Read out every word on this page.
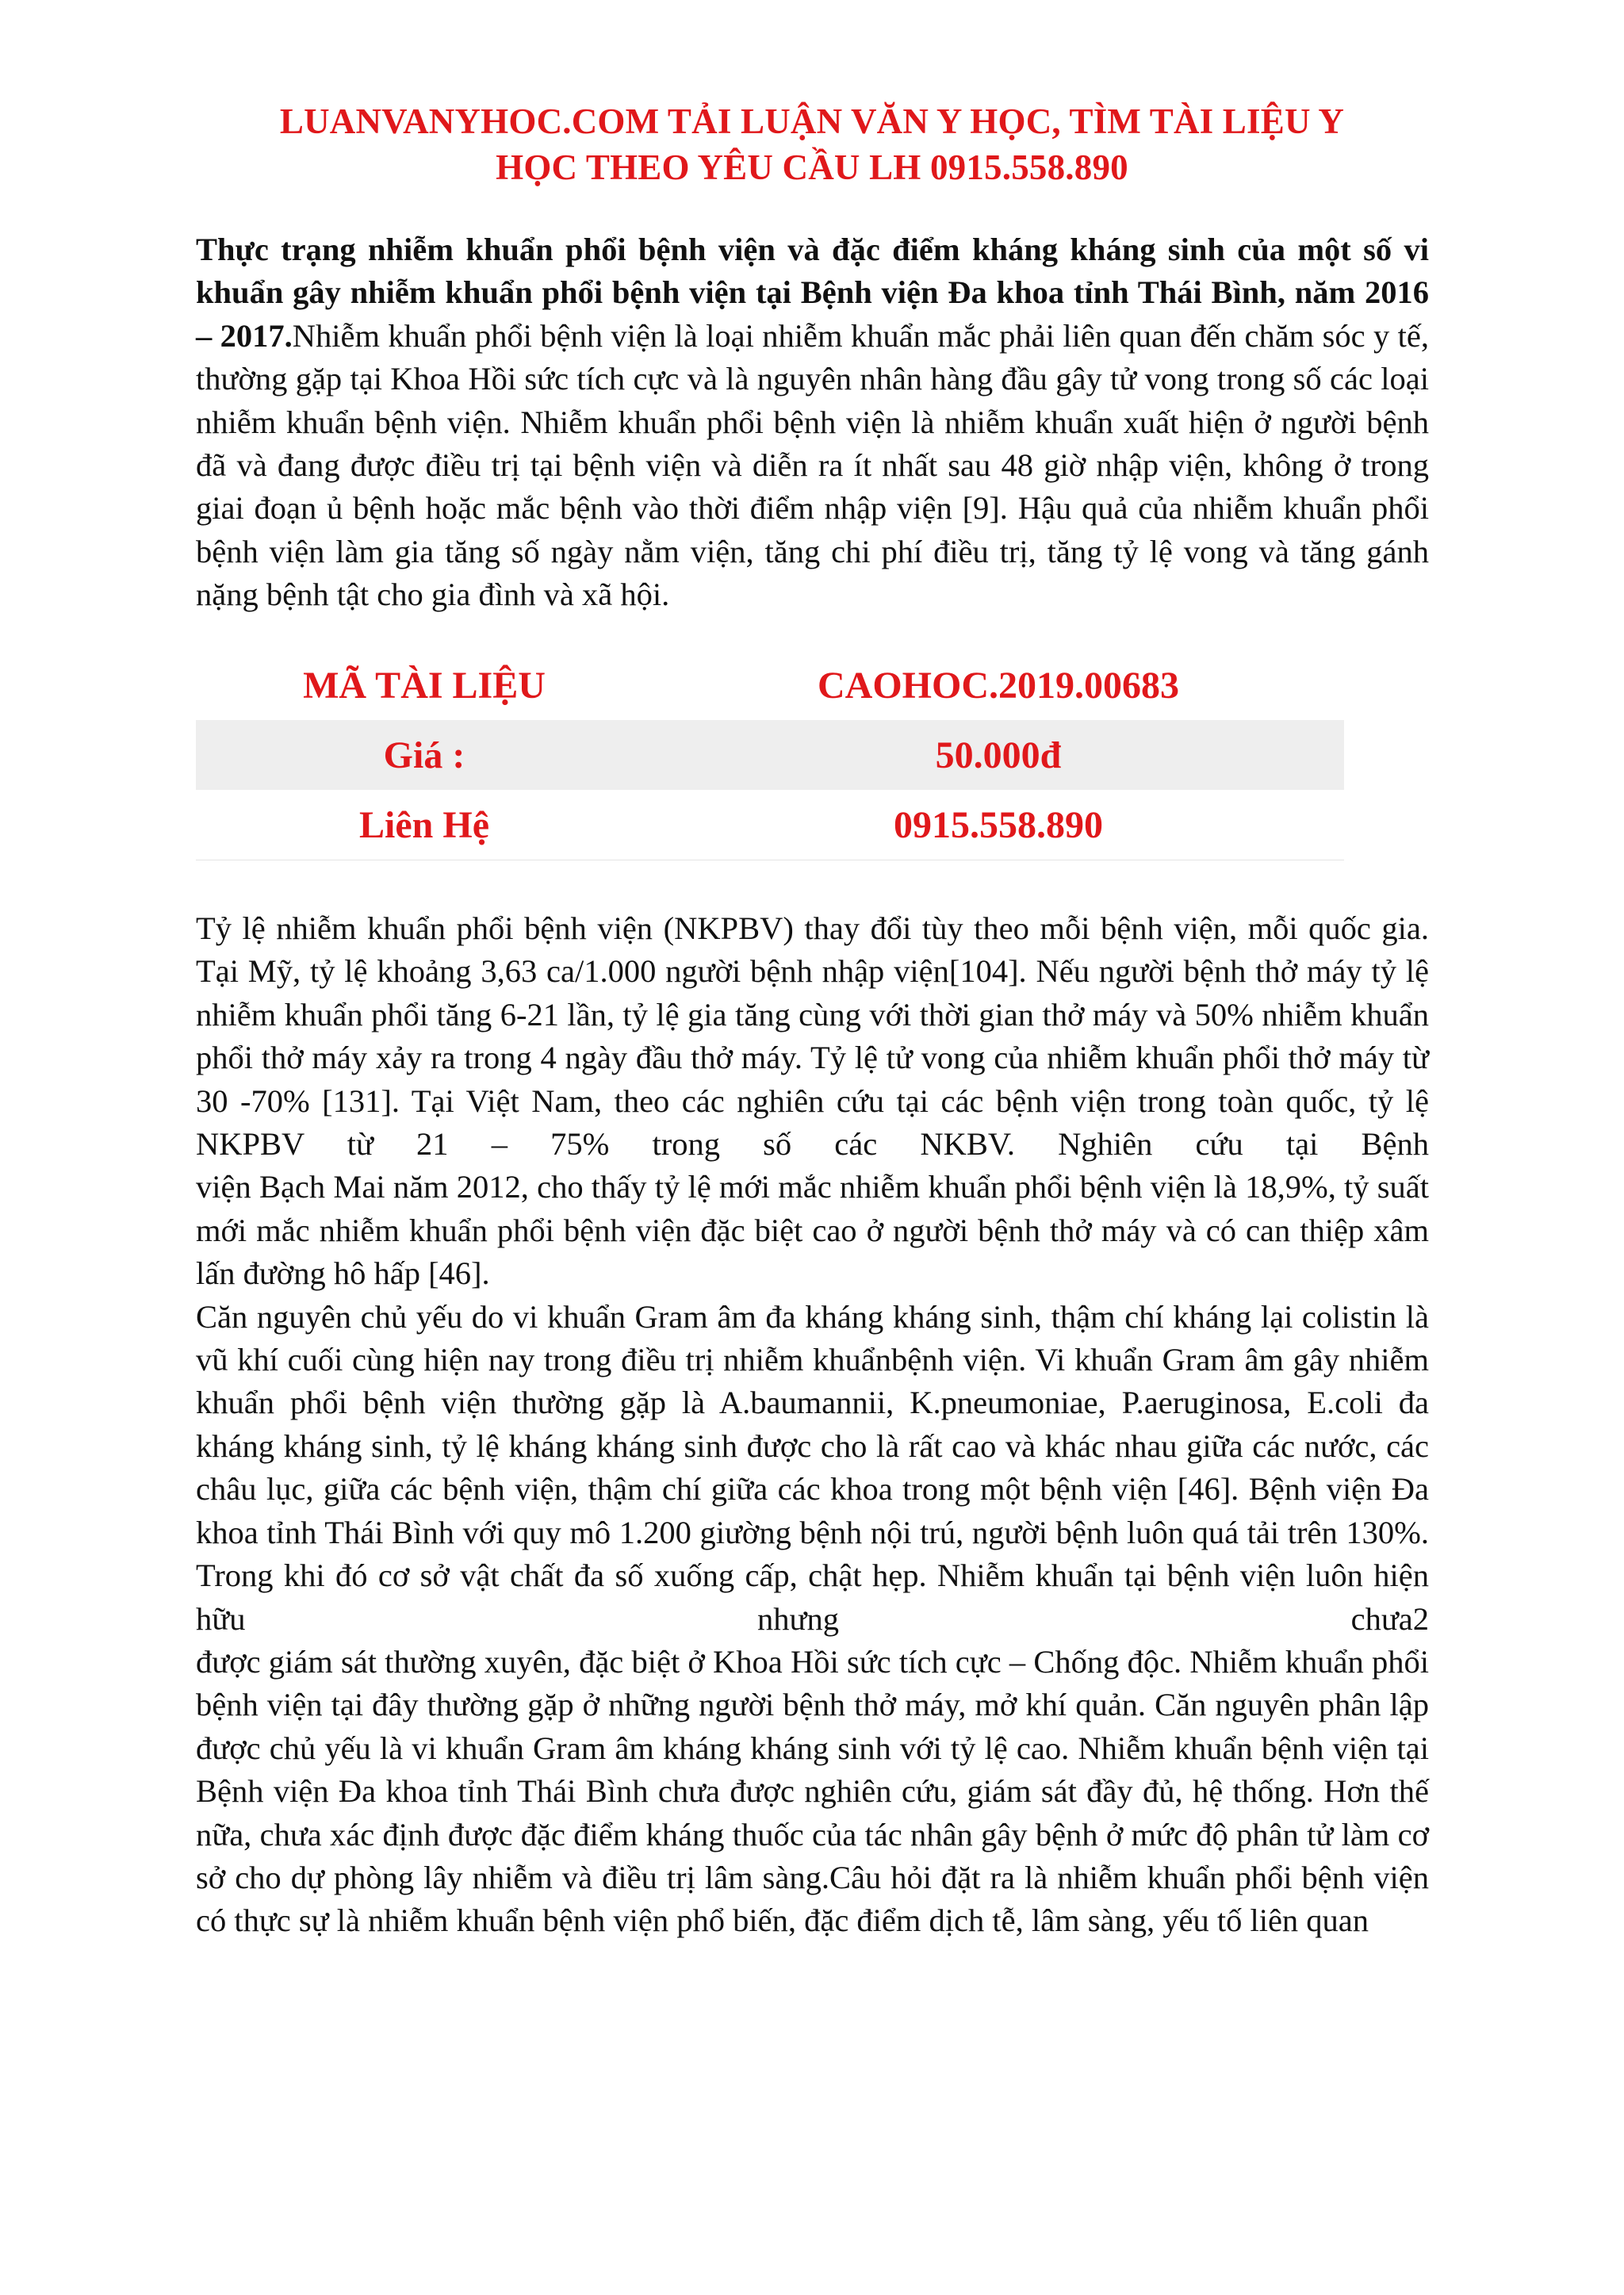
LUANVANYHOC.COM TẢI LUẬN VĂN Y HỌC, TÌM TÀI LIỆU Y
HỌC THEO YÊU CẦU LH 0915.558.890
Thực trạng nhiễm khuẩn phổi bệnh viện và đặc điểm kháng kháng sinh của một số vi khuẩn gây nhiễm khuẩn phổi bệnh viện tại Bệnh viện Đa khoa tỉnh Thái Bình, năm 2016 – 2017.Nhiễm khuẩn phổi bệnh viện là loại nhiễm khuẩn mắc phải liên quan đến chăm sóc y tế, thường gặp tại Khoa Hồi sức tích cực và là nguyên nhân hàng đầu gây tử vong trong số các loại nhiễm khuẩn bệnh viện. Nhiễm khuẩn phổi bệnh viện là nhiễm khuẩn xuất hiện ở người bệnh đã và đang được điều trị tại bệnh viện và diễn ra ít nhất sau 48 giờ nhập viện, không ở trong giai đoạn ủ bệnh hoặc mắc bệnh vào thời điểm nhập viện [9]. Hậu quả của nhiễm khuẩn phổi bệnh viện làm gia tăng số ngày nằm viện, tăng chi phí điều trị, tăng tỷ lệ vong và tăng gánh nặng bệnh tật cho gia đình và xã hội.
MÃ TÀI LIỆU	CAOHOC.2019.00683
Giá :	50.000đ
Liên Hệ	0915.558.890
Tỷ lệ nhiễm khuẩn phổi bệnh viện (NKPBV) thay đổi tùy theo mỗi bệnh viện, mỗi quốc gia. Tại Mỹ, tỷ lệ khoảng 3,63 ca/1.000 người bệnh nhập viện[104]. Nếu người bệnh thở máy tỷ lệ nhiễm khuẩn phổi tăng 6-21 lần, tỷ lệ gia tăng cùng với thời gian thở máy và 50% nhiễm khuẩn phổi thở máy xảy ra trong 4 ngày đầu thở máy. Tỷ lệ tử vong của nhiễm khuẩn phổi thở máy từ 30 -70% [131]. Tại Việt Nam, theo các nghiên cứu tại các bệnh viện trong toàn quốc, tỷ lệ NKPBV từ 21 – 75% trong số các NKBV. Nghiên cứu tại Bệnh
viện Bạch Mai năm 2012, cho thấy tỷ lệ mới mắc nhiễm khuẩn phổi bệnh viện là 18,9%, tỷ suất mới mắc nhiễm khuẩn phổi bệnh viện đặc biệt cao ở người bệnh thở máy và có can thiệp xâm lấn đường hô hấp [46].
Căn nguyên chủ yếu do vi khuẩn Gram âm đa kháng kháng sinh, thậm chí kháng lại colistin là vũ khí cuối cùng hiện nay trong điều trị nhiễm khuẩnbệnh viện. Vi khuẩn Gram âm gây nhiễm khuẩn phổi bệnh viện thường gặp là A.baumannii, K.pneumoniae, P.aeruginosa, E.coli đa kháng kháng sinh, tỷ lệ kháng kháng sinh được cho là rất cao và khác nhau giữa các nước, các châu lục, giữa các bệnh viện, thậm chí giữa các khoa trong một bệnh viện [46]. Bệnh viện Đa khoa tỉnh Thái Bình với quy mô 1.200 giường bệnh nội trú, người bệnh luôn quá tải trên 130%. Trong khi đó cơ sở vật chất đa số xuống cấp, chật hẹp. Nhiễm khuẩn tại bệnh viện luôn hiện hữu nhưng chưa2
được giám sát thường xuyên, đặc biệt ở Khoa Hồi sức tích cực – Chống độc. Nhiễm khuẩn phổi bệnh viện tại đây thường gặp ở những người bệnh thở máy, mở khí quản. Căn nguyên phân lập được chủ yếu là vi khuẩn Gram âm kháng kháng sinh với tỷ lệ cao. Nhiễm khuẩn bệnh viện tại Bệnh viện Đa khoa tỉnh Thái Bình chưa được nghiên cứu, giám sát đầy đủ, hệ thống. Hơn thế nữa, chưa xác định được đặc điểm kháng thuốc của tác nhân gây bệnh ở mức độ phân tử làm cơ sở cho dự phòng lây nhiễm và điều trị lâm sàng.Câu hỏi đặt ra là nhiễm khuẩn phổi bệnh viện có thực sự là nhiễm khuẩn bệnh viện phổ biến, đặc điểm dịch tễ, lâm sàng, yếu tố liên quan
